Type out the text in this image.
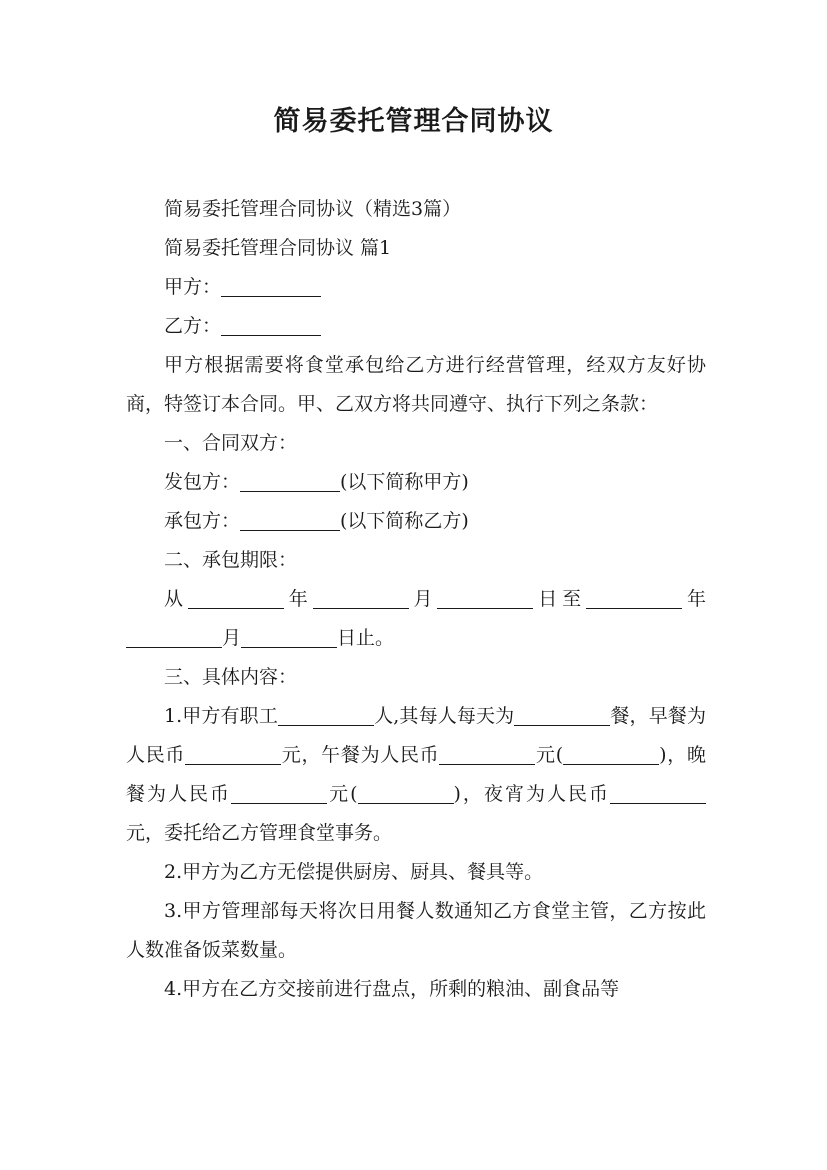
简易委托管理合同协议

简易委托管理合同协议（精选3篇）

简易委托管理合同协议 篇1

甲方：

乙方：

甲方根据需要将食堂承包给乙方进行经营管理，经双方友好协商，特签订本合同。甲、乙双方将共同遵守、执行下列之条款：

一、合同双方：

发包方：	(以下简称甲方)

承包方：	(以下简称乙方)

二、承包期限：

从	年	月	日至	年月	日止。

三、具体内容：

1.甲方有职工	人,其每人每天为	餐，早餐为人民币	元，午餐为人民币	元(	)，晚餐为人民币	元(	)，夜宵为人民币元，委托给乙方管理食堂事务。

2.甲方为乙方无偿提供厨房、厨具、餐具等。

3.甲方管理部每天将次日用餐人数通知乙方食堂主管，乙方按此人数准备饭菜数量。

4.甲方在乙方交接前进行盘点，所剩的粮油、副食品等
